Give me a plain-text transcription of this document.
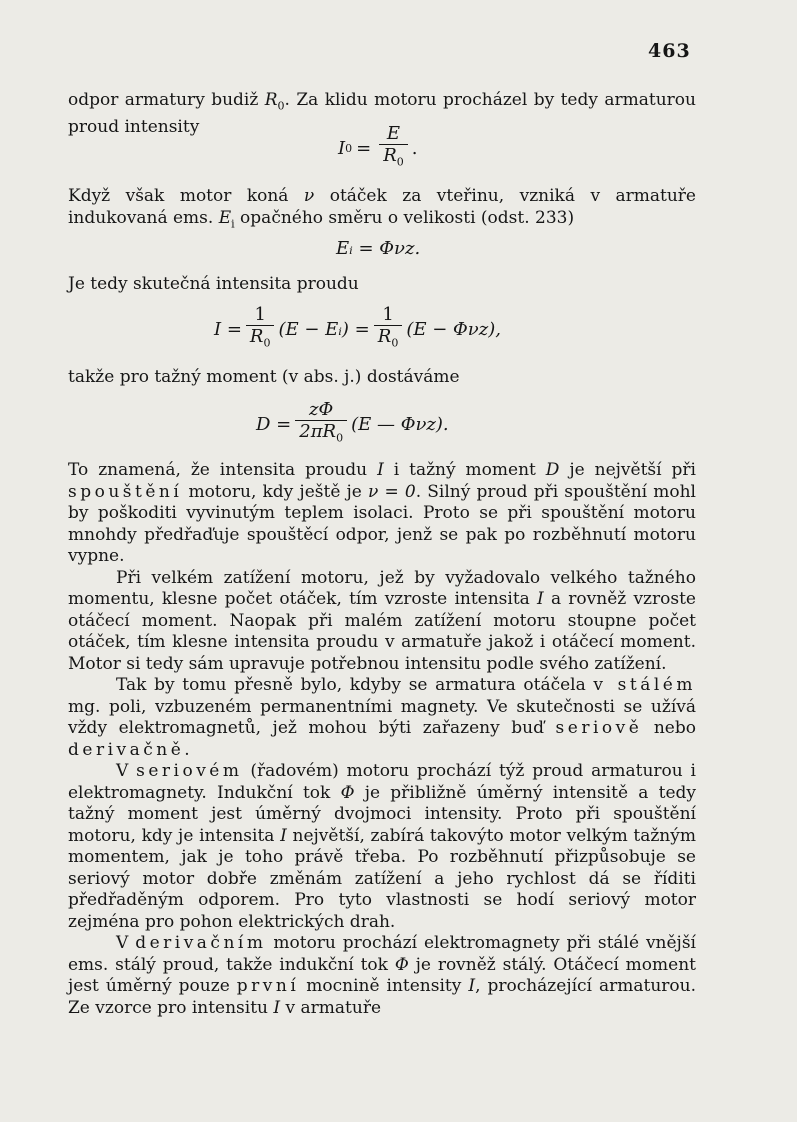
463

odpor armatury budiž $R_0$. Za klidu motoru procházel by tedy armaturou proud intensity

I $0 = \frac{E}{R_0}$ .

Když však motor koná ν otáček za vteřinu, vzniká v armatuře indukovaná ems. $E_i$ opačného směru o velikosti (odst. 233)

Eᵢ = Φνz.

Je tedy skutečná intensita proudu

$I = \frac{1}{R_0} (E$ − Eᵢ) = $\frac{1}{R_0} (E - \Phi\nu z)$,

takže pro tažný moment (v abs. j.) dostáváme

$D = \frac{z\Phi}{2\pi R_0} (E$ — Φνz).

To znamená, že intensita proudu I i tažný moment D je největší při spouštění motoru, kdy ještě je ν = 0. Silný proud při spouštění mohl by poškoditi vyvinutým teplem isolaci. Proto se při spouštění motoru mnohdy předřaďuje spouštěcí odpor, jenž se pak po rozběhnutí motoru vypne.

Při velkém zatížení motoru, jež by vyžadovalo velkého tažného momentu, klesne počet otáček, tím vzroste intensita I a rovněž vzroste otáčecí moment. Naopak při malém zatížení motoru stoupne počet otáček, tím klesne intensita proudu v armatuře jakož i otáčecí moment. Motor si tedy sám upravuje potřebnou intensitu podle svého zatížení.

Tak by tomu přesně bylo, kdyby se armatura otáčela v stálém mg. poli, vzbuzeném permanentními magnety. Ve skutečnosti se užívá vždy elektromagnetů, jež mohou býti zařazeny buď seriově nebo derivačně.

V seriovém (řadovém) motoru prochází týž proud armaturou i elektromagnety. Indukční tok Φ je přibližně úměrný intensitě a tedy tažný moment jest úměrný dvojmoci intensity. Proto při spouštění motoru, kdy je intensita I největší, zabírá takovýto motor velkým tažným momentem, jak je toho právě třeba. Po rozběhnutí přizpůsobuje se seriový motor dobře změnám zatížení a jeho rychlost dá se říditi předřaděným odporem. Pro tyto vlastnosti se hodí seriový motor zejména pro pohon elektrických drah.

V derivačním motoru prochází elektromagnety při stálé vnější ems. stálý proud, takže indukční tok Φ je rovněž stálý. Otáčecí moment jest úměrný pouze první mocnině intensity I, procházející armaturou. Ze vzorce pro intensitu I v armatuře
